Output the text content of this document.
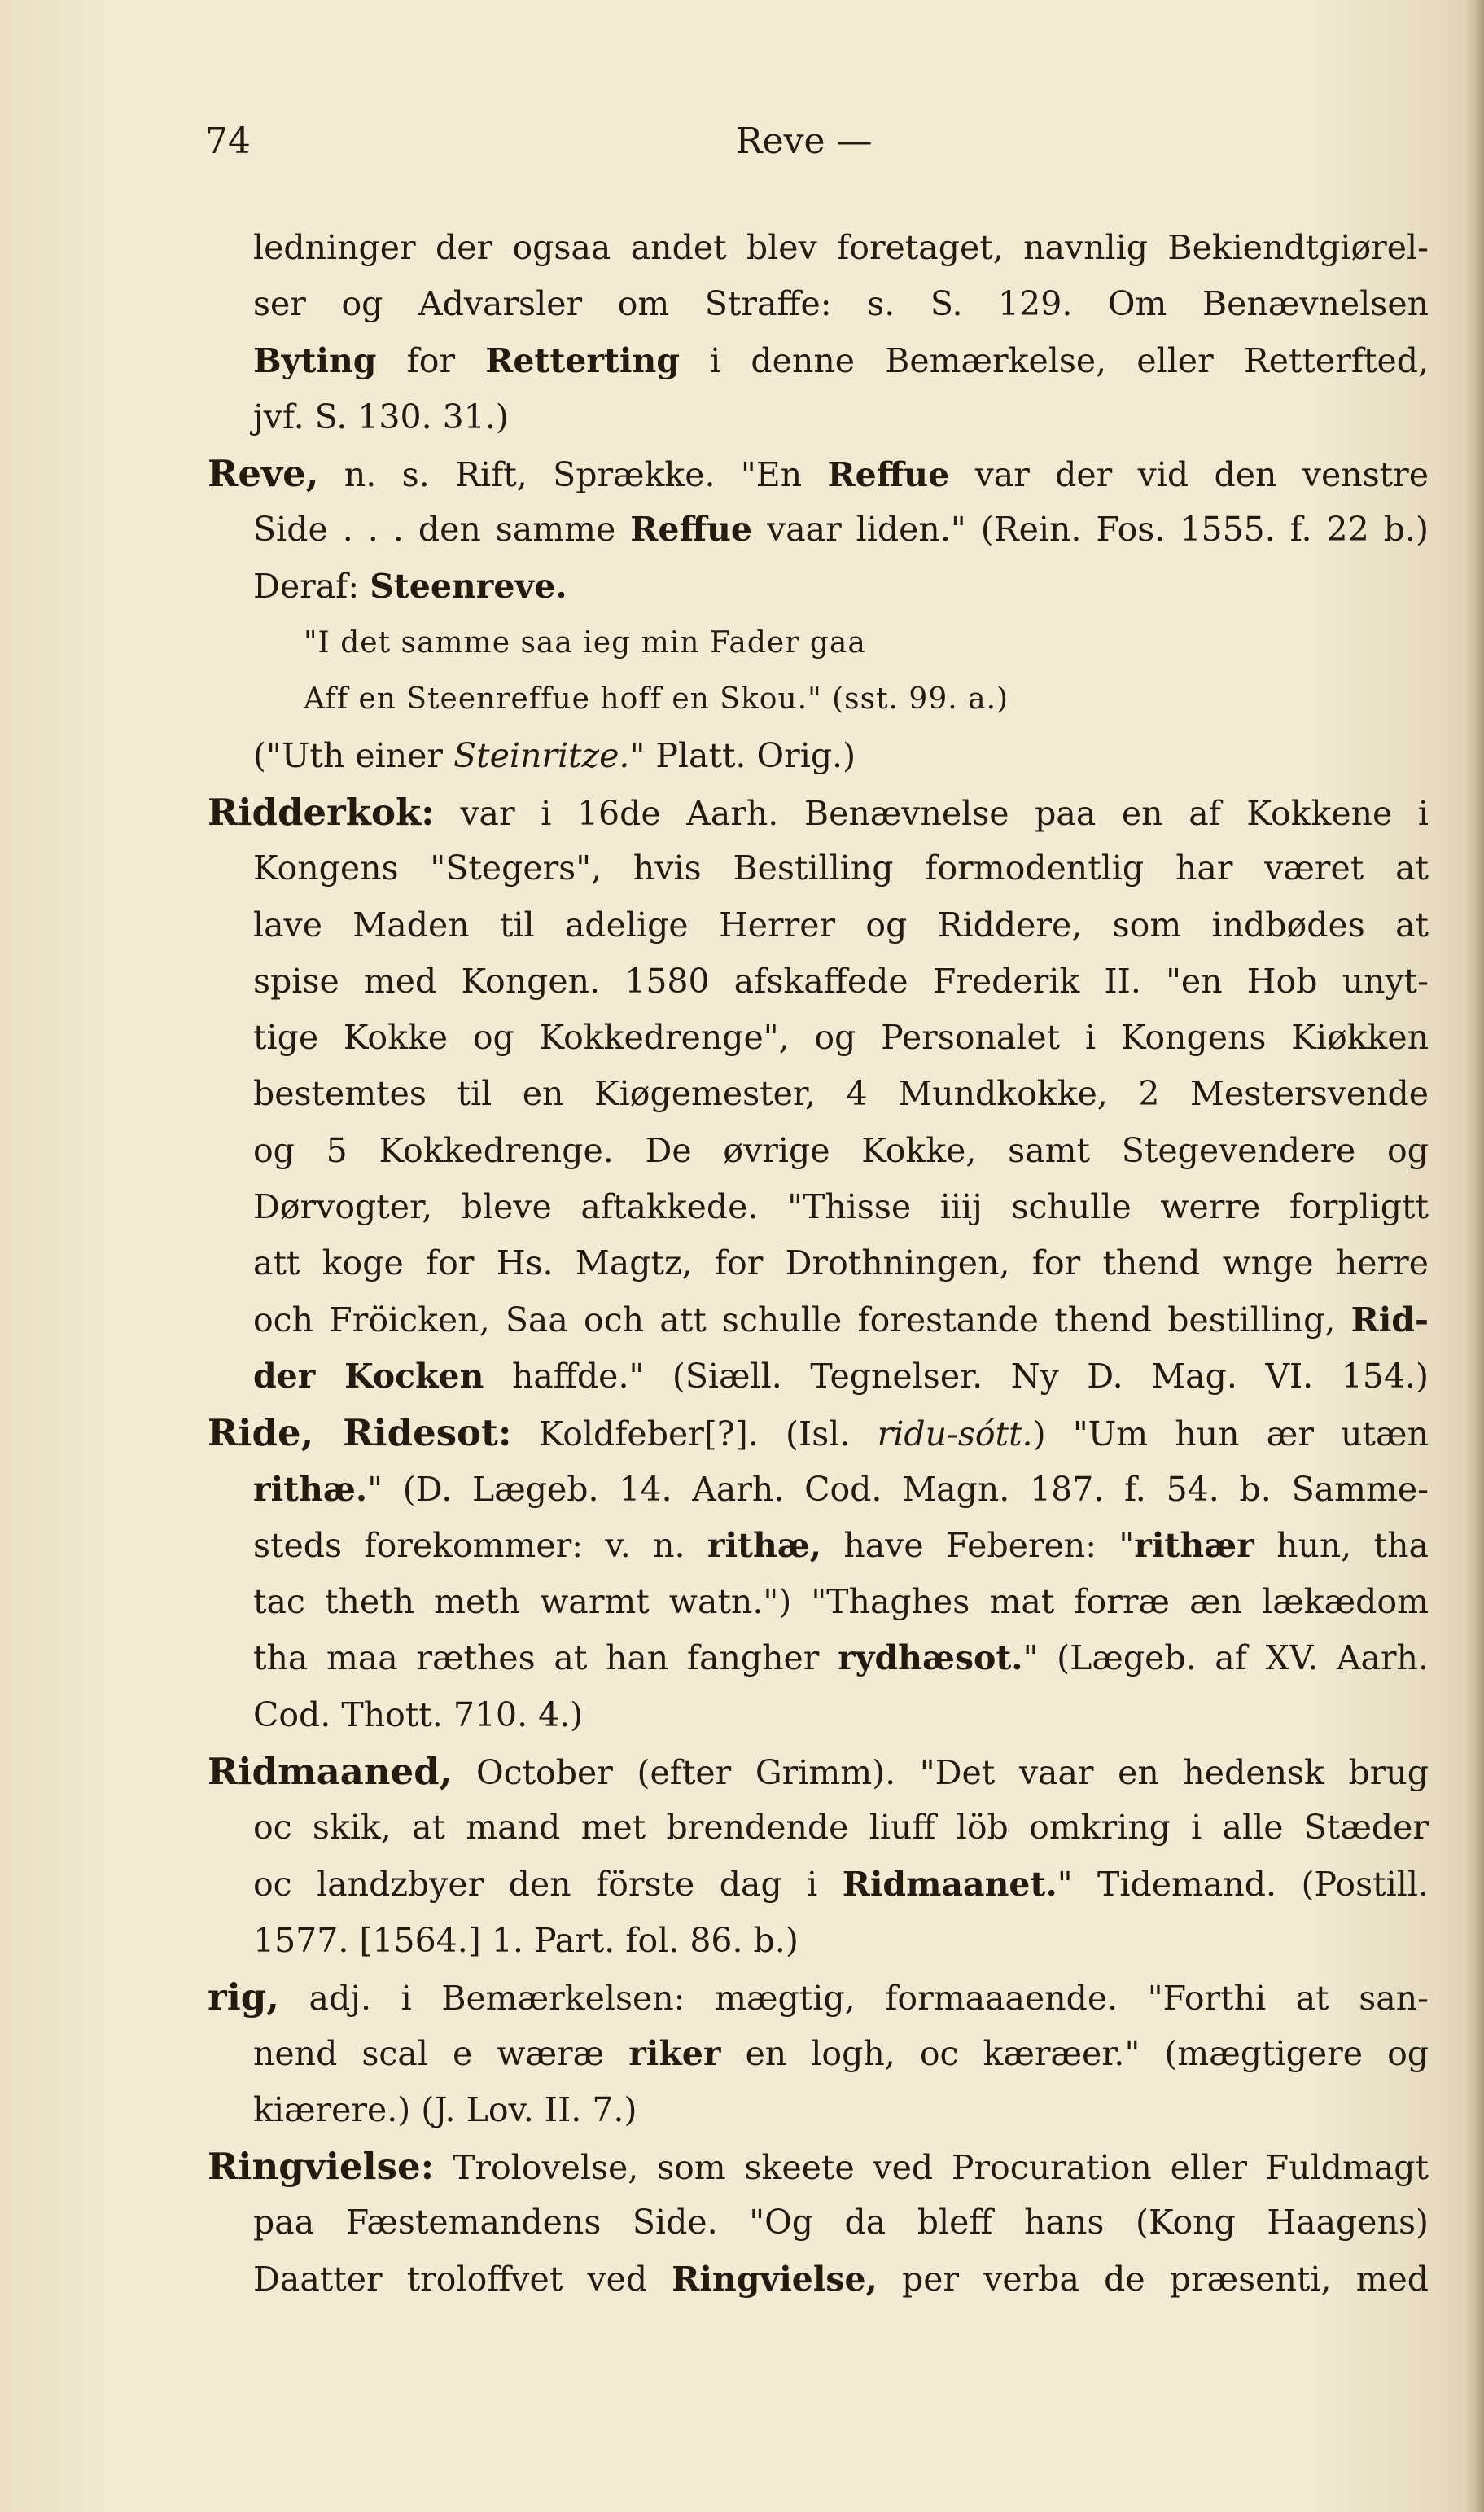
74	Reve —
ledninger der ogsaa andet blev foretaget, navnlig Bekiendtgiørel-
ser og Advarsler om Straffe: s. S. 129. Om Benævnelsen
Byting for Retterting i denne Bemærkelse, eller Retterfted,
jvf. S. 130. 31.)
Reve, n. s. Rift, Sprække. "En Reffue var der vid den venstre
Side . . . den samme Reffue vaar liden." (Rein. Fos. 1555. f. 22 b.)
Deraf: Steenreve.
"I det samme saa ieg min Fader gaa
Aff en Steenreffue hoff en Skou." (sst. 99. a.)
("Uth einer Steinritze." Platt. Orig.)
Ridderkok: var i 16de Aarh. Benævnelse paa en af Kokkene i
Kongens "Stegers", hvis Bestilling formodentlig har været at
lave Maden til adelige Herrer og Riddere, som indbødes at
spise med Kongen. 1580 afskaffede Frederik II. "en Hob unyt-
tige Kokke og Kokkedrenge", og Personalet i Kongens Kiøkken
bestemtes til en Kiøgemester, 4 Mundkokke, 2 Mestersvende
og 5 Kokkedrenge. De øvrige Kokke, samt Stegevendere og
Dørvogter, bleve aftakkede. "Thisse iiij schulle werre forpligtt
att koge for Hs. Magtz, for Drothningen, for thend wnge herre
och Fröicken, Saa och att schulle forestande thend bestilling, Rid-
der Kocken haffde." (Siæll. Tegnelser. Ny D. Mag. VI. 154.)
Ride, Ridesot: Koldfeber[?]. (Isl. ridu-sótt.) "Um hun ær utæn
rithæ." (D. Lægeb. 14. Aarh. Cod. Magn. 187. f. 54. b. Samme-
steds forekommer: v. n. rithæ, have Feberen: "rithær hun, tha
tac theth meth warmt watn.") "Thaghes mat forræ æn lækædom
tha maa ræthes at han fangher rydhæsot." (Lægeb. af XV. Aarh.
Cod. Thott. 710. 4.)
Ridmaaned, October (efter Grimm). "Det vaar en hedensk brug
oc skik, at mand met brendende liuff löb omkring i alle Stæder
oc landzbyer den förste dag i Ridmaanet." Tidemand. (Postill.
1577. [1564.] 1. Part. fol. 86. b.)
rig, adj. i Bemærkelsen: mægtig, formaaaende. "Forthi at san-
nend scal e wæræ riker en logh, oc kæræer." (mægtigere og
kiærere.) (J. Lov. II. 7.)
Ringvielse: Trolovelse, som skeete ved Procuration eller Fuldmagt
paa Fæstemandens Side. "Og da bleff hans (Kong Haagens)
Daatter troloffvet ved Ringvielse, per verba de præsenti, med
